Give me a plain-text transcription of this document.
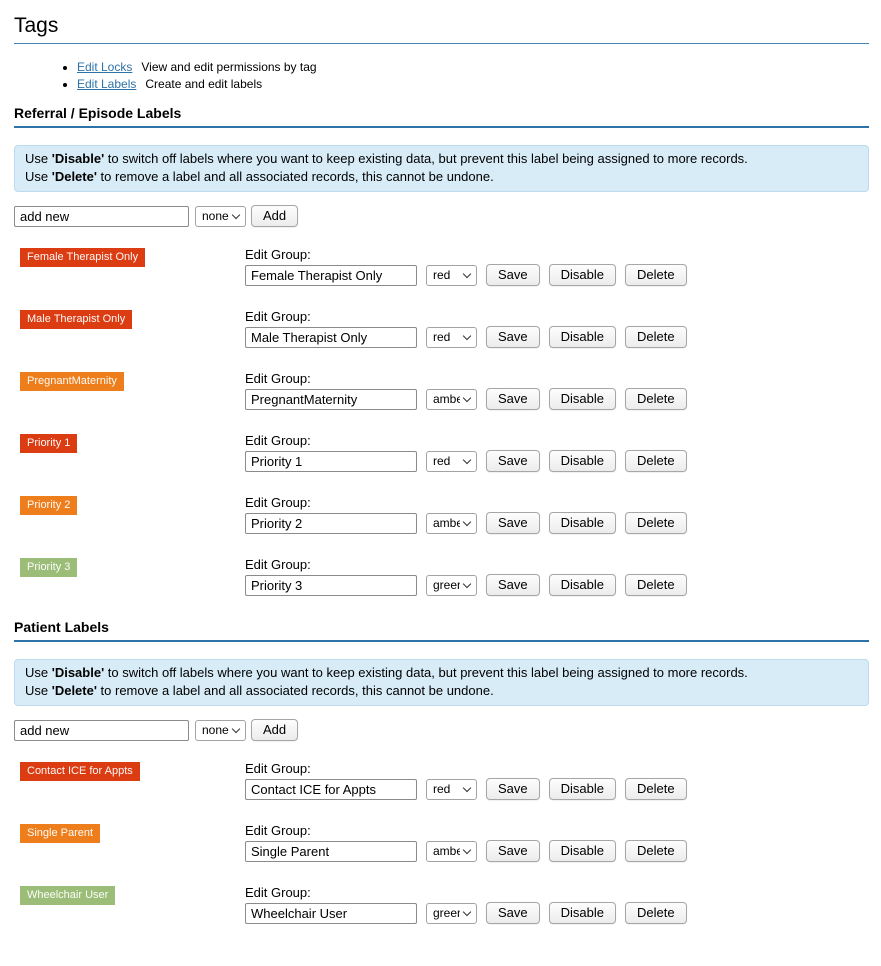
Tags
• Edit Locks View and edit permissions by tag
• Edit Labels Create and edit labels
Referral / Episode Labels
Use 'Disable' to switch off labels where you want to keep existing data, but prevent this label being assigned to more records.
Use 'Delete' to remove a label and all associated records, this cannot be undone.
add new
none
Add
Female Therapist Only	Edit Group:
Female Therapist Only
red
Save	Disable	Delete
Male Therapist Only	Edit Group:
Male Therapist Only
red
Save	Disable	Delete
PregnantMaternity	Edit Group:
PregnantMaternity
amber
Save	Disable	Delete
Priority 1	Edit Group:
Priority 1
red
Save	Disable	Delete
Priority 2	Edit Group:
Priority 2
amber
Save	Disable	Delete
Priority 3	Edit Group:
Priority 3
green
Save	Disable	Delete
Patient Labels
Use 'Disable' to switch off labels where you want to keep existing data, but prevent this label being assigned to more records.
Use 'Delete' to remove a label and all associated records, this cannot be undone.
add new
none
Add
Contact ICE for Appts	Edit Group:
Contact ICE for Appts
red
Save	Disable	Delete
Single Parent	Edit Group:
Single Parent
amber
Save	Disable	Delete
Wheelchair User	Edit Group:
Wheelchair User
green
Save	Disable	Delete
